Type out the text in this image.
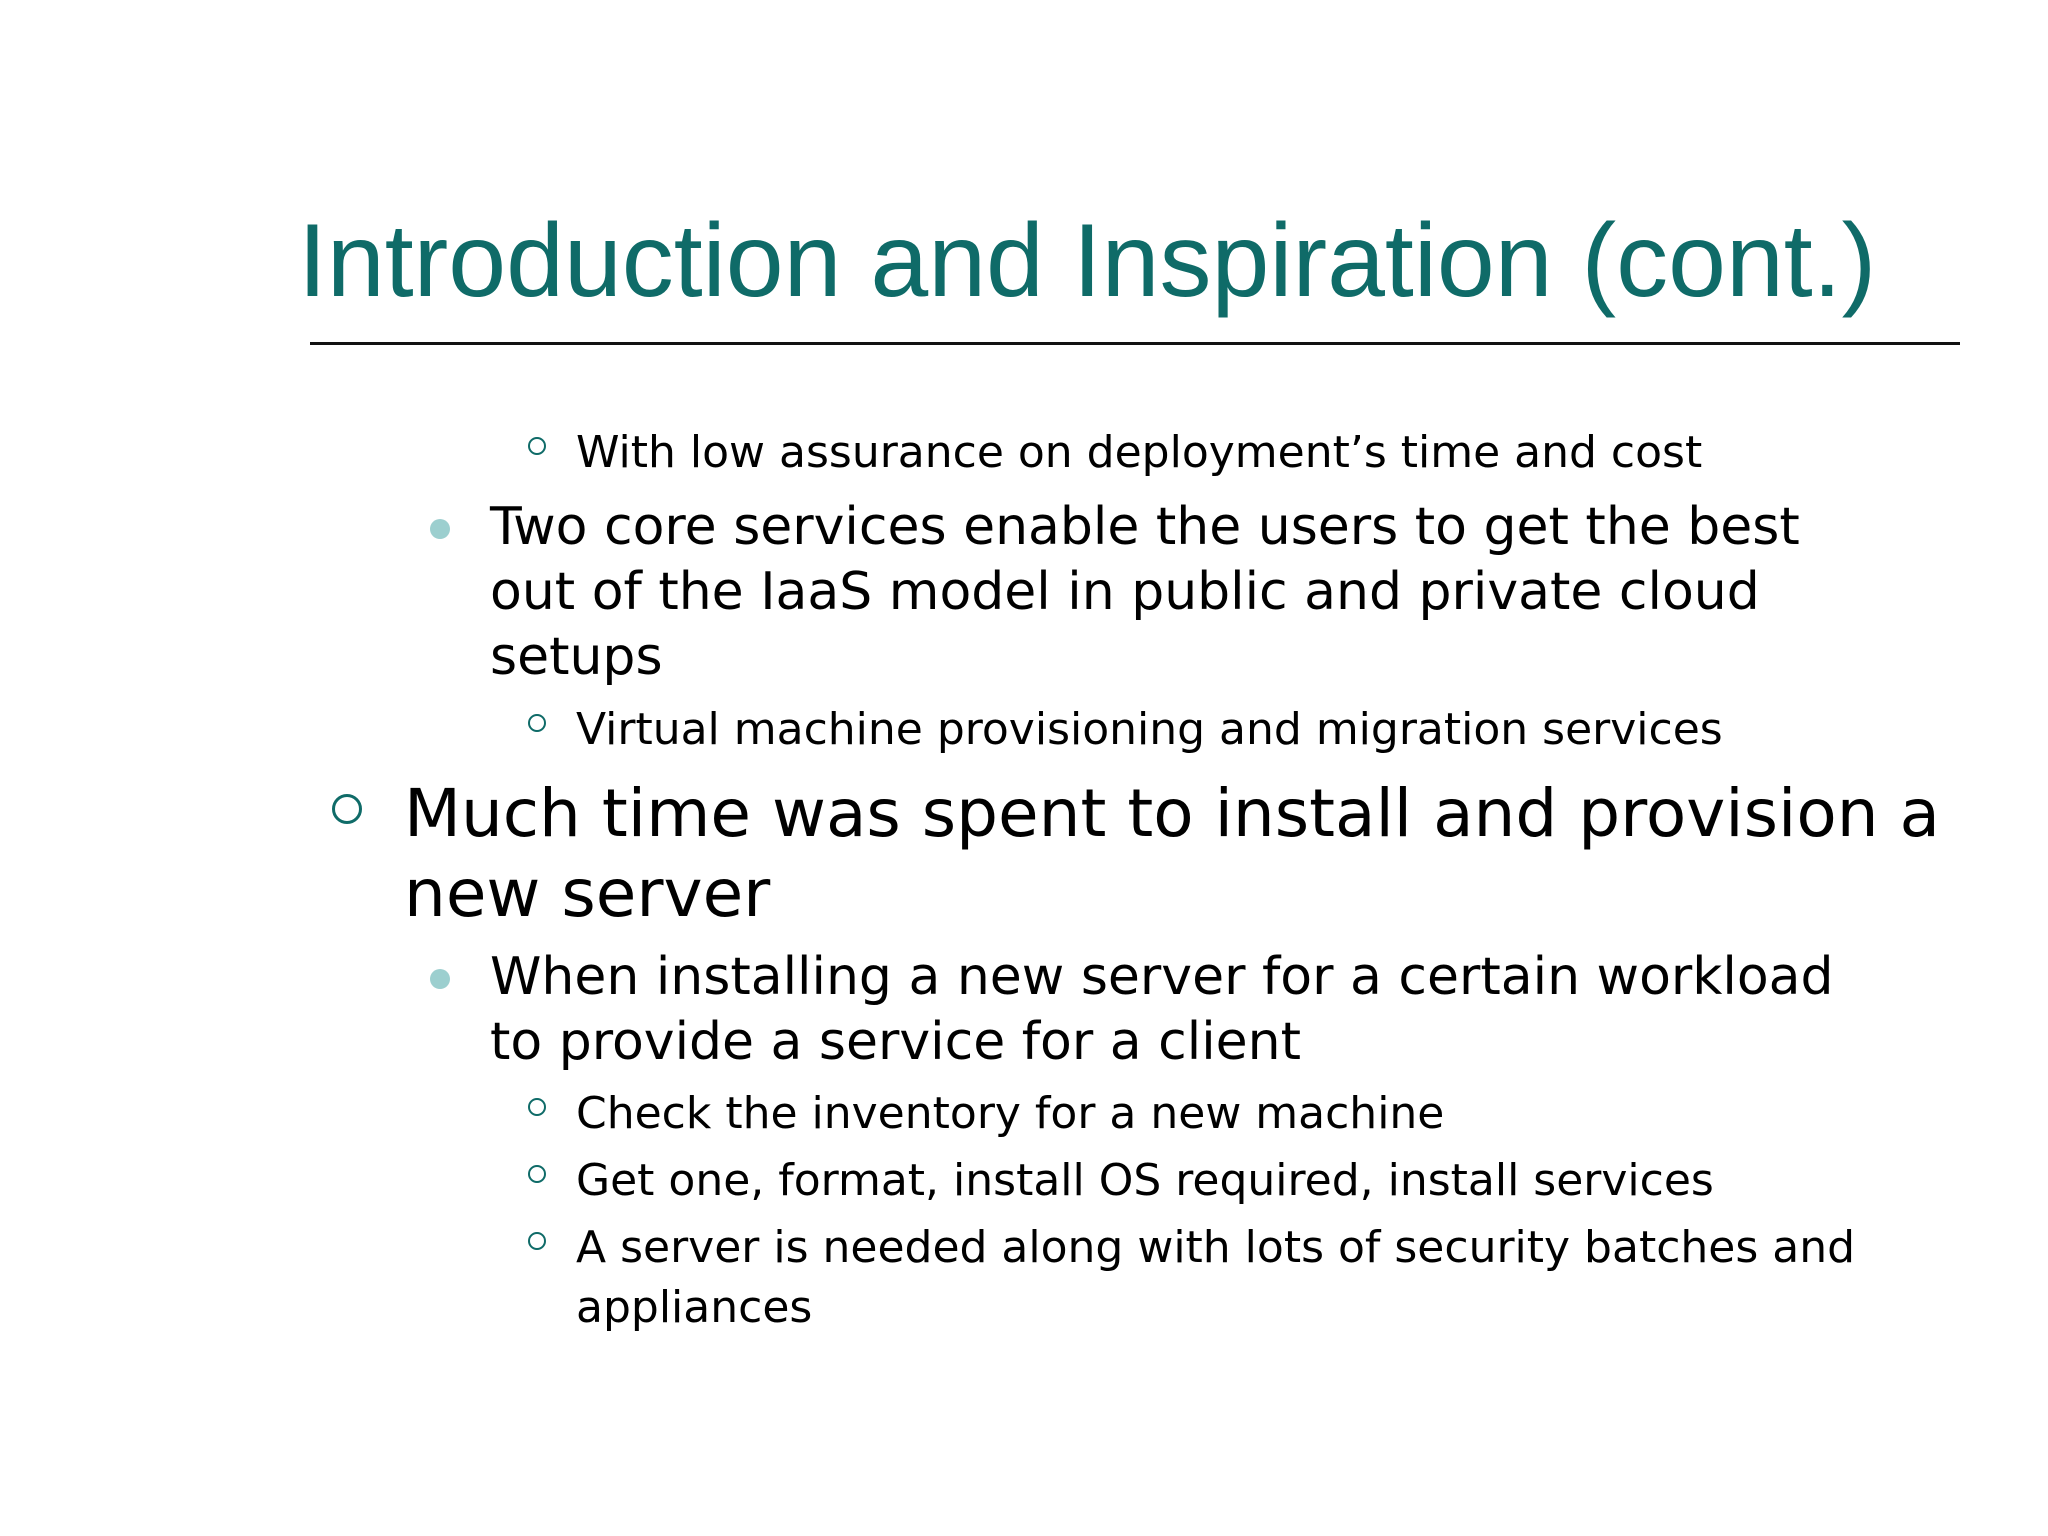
Introduction and Inspiration (cont.)
With low assurance on deployment’s time and cost
Two core services enable the users to get the best
out of the IaaS model in public and private cloud
setups
Virtual machine provisioning and migration services
Much time was spent to install and provision a
new server
When installing a new server for a certain workload
to provide a service for a client
Check the inventory for a new machine
Get one, format, install OS required, install services
A server is needed along with lots of security batches and
appliances
